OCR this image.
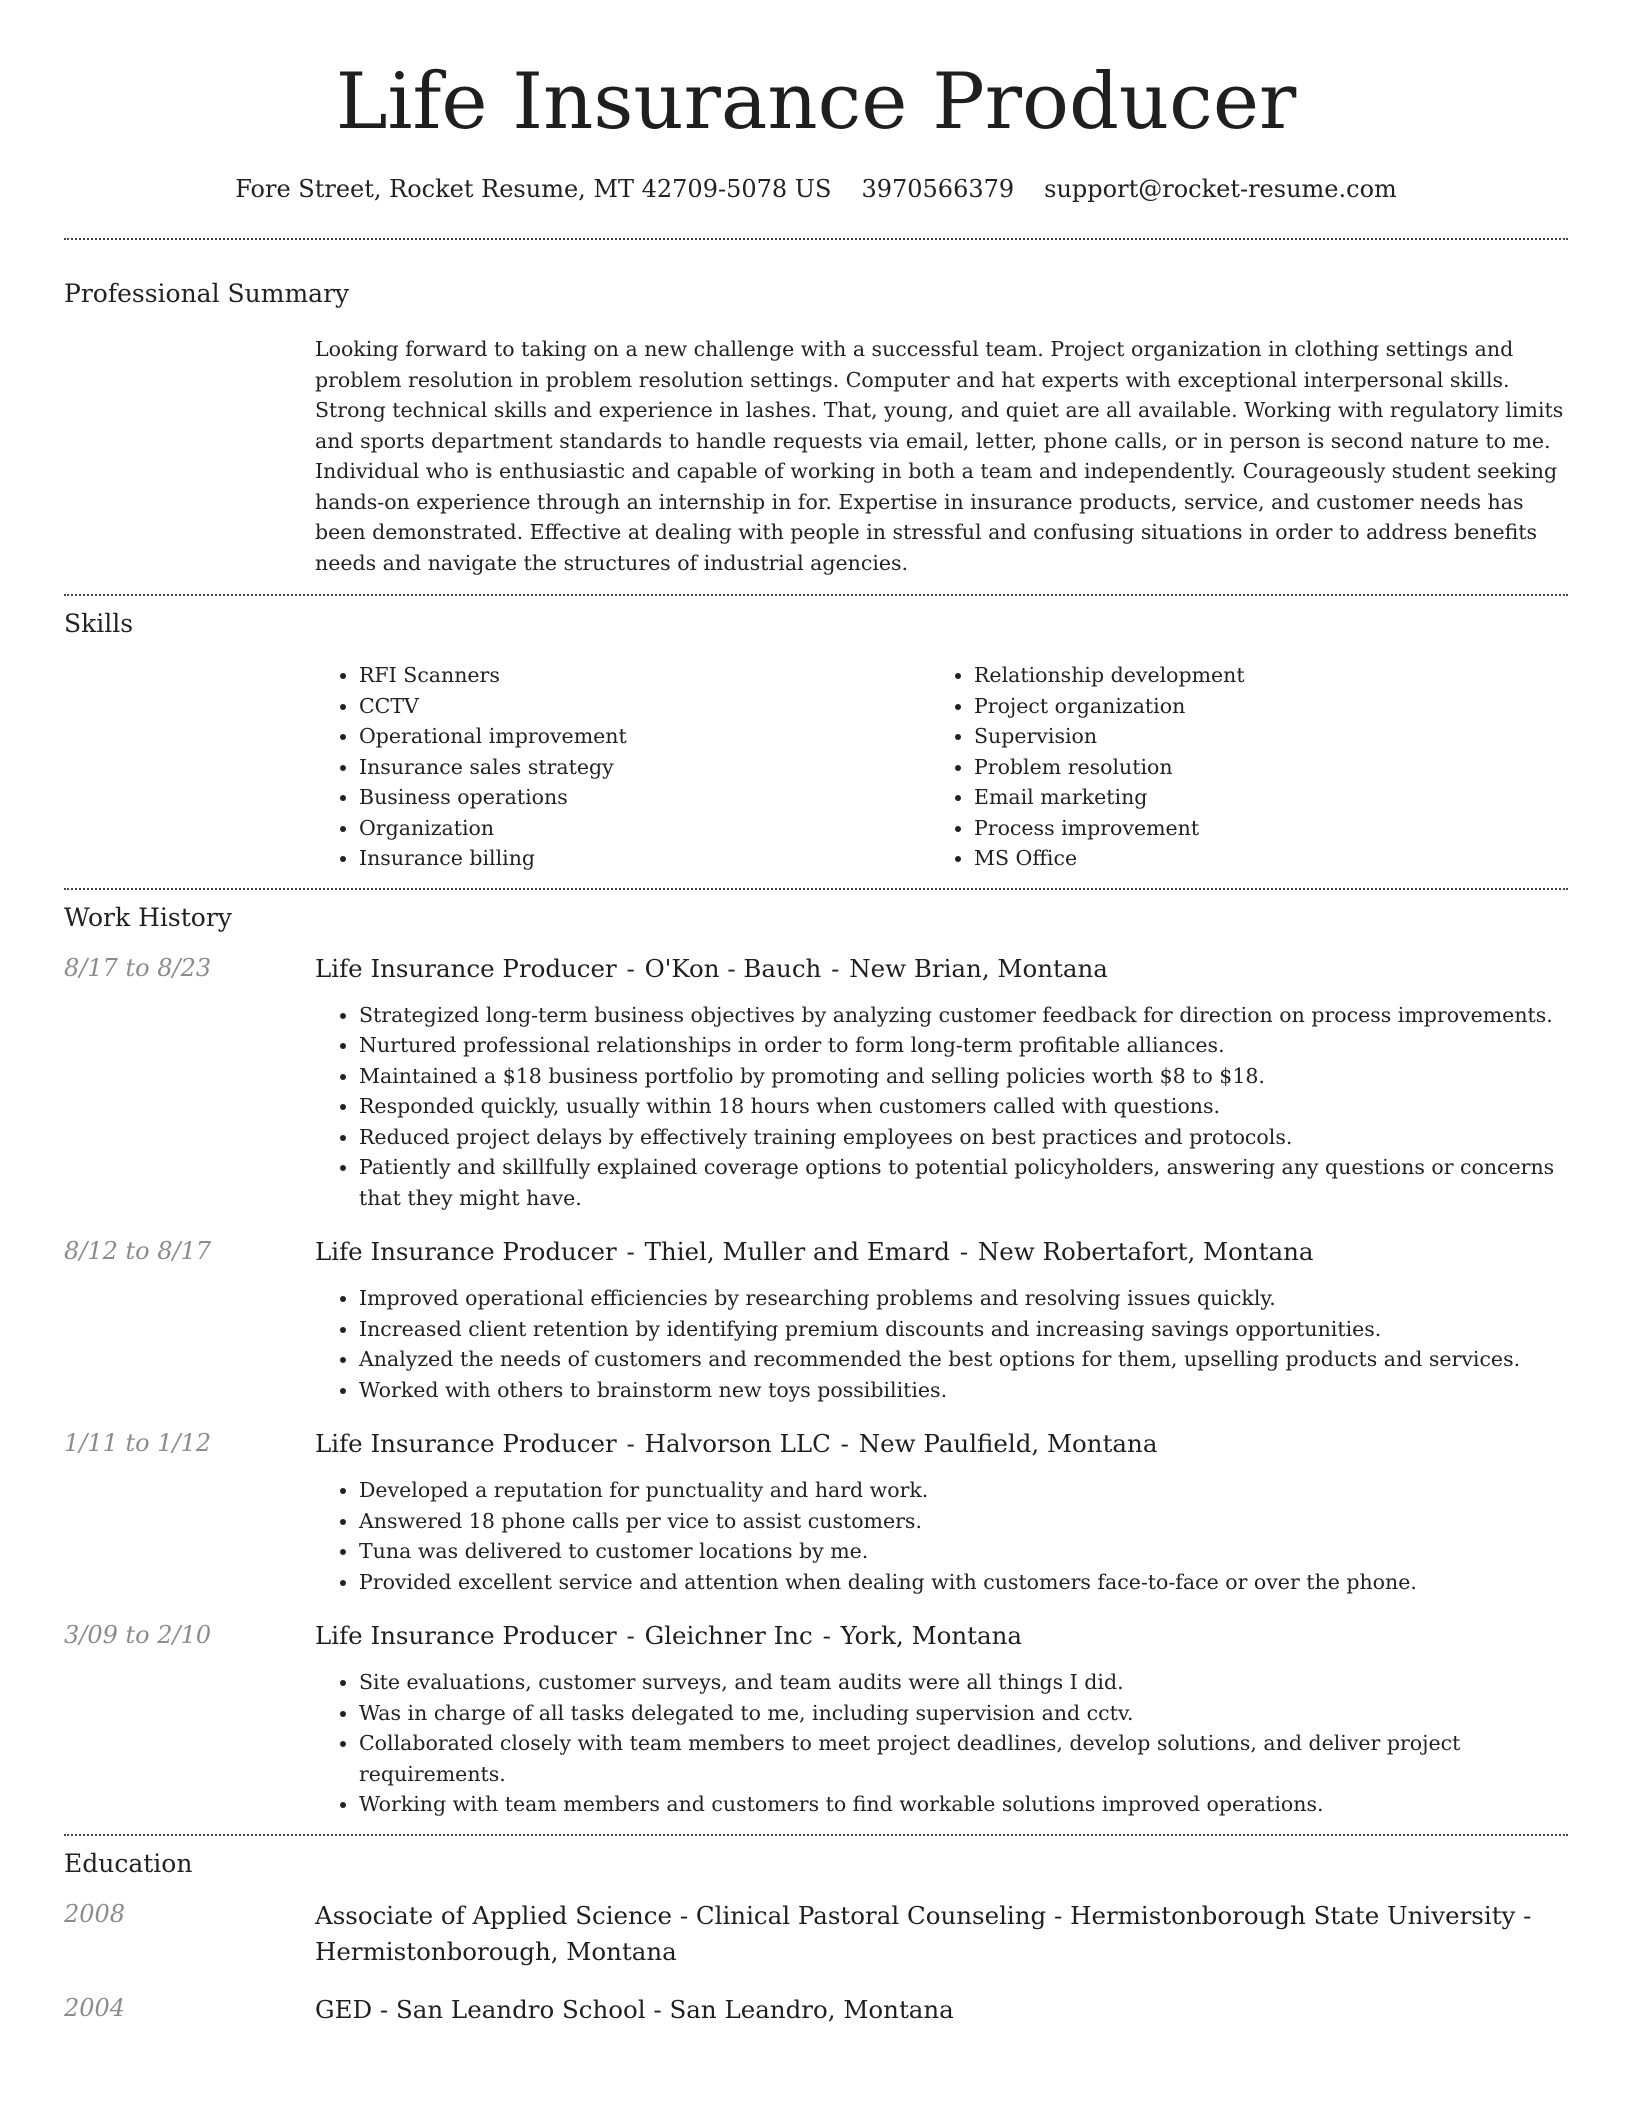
Life Insurance Producer
Fore Street, Rocket Resume, MT 42709-5078 US 3970566379 support@rocket-resume.com
Professional Summary

Looking forward to taking on a new challenge with a successful team. Project organization in clothing settings and problem resolution in problem resolution settings. Computer and hat experts with exceptional interpersonal skills. Strong technical skills and experience in lashes. That, young, and quiet are all available. Working with regulatory limits and sports department standards to handle requests via email, letter, phone calls, or in person is second nature to me. Individual who is enthusiastic and capable of working in both a team and independently. Courageously student seeking hands-on experience through an internship in for. Expertise in insurance products, service, and customer needs has been demonstrated. Effective at dealing with people in stressful and confusing situations in order to address benefits needs and navigate the structures of industrial agencies.

Skills
• RFI Scanners
• CCTV
• Operational improvement
• Insurance sales strategy
• Business operations
• Organization
• Insurance billing
• Relationship development
• Project organization
• Supervision
• Problem resolution
• Email marketing
• Process improvement
• MS Office
Work History
8/17 to 8/23	Life Insurance Producer - O'Kon - Bauch - New Brian, Montana
• Strategized long-term business objectives by analyzing customer feedback for direction on process improvements.
• Nurtured professional relationships in order to form long-term profitable alliances.
• Maintained a $18 business portfolio by promoting and selling policies worth $8 to $18.
• Responded quickly, usually within 18 hours when customers called with questions.
• Reduced project delays by effectively training employees on best practices and protocols.
• Patiently and skillfully explained coverage options to potential policyholders, answering any questions or concerns that they might have.
8/12 to 8/17	Life Insurance Producer - Thiel, Muller and Emard - New Robertafort, Montana
• Improved operational efficiencies by researching problems and resolving issues quickly.
• Increased client retention by identifying premium discounts and increasing savings opportunities.
• Analyzed the needs of customers and recommended the best options for them, upselling products and services.
• Worked with others to brainstorm new toys possibilities.
1/11 to 1/12	Life Insurance Producer - Halvorson LLC - New Paulfield, Montana
• Developed a reputation for punctuality and hard work.
• Answered 18 phone calls per vice to assist customers.
• Tuna was delivered to customer locations by me.
• Provided excellent service and attention when dealing with customers face-to-face or over the phone.
3/09 to 2/10	Life Insurance Producer - Gleichner Inc - York, Montana
• Site evaluations, customer surveys, and team audits were all things I did.
• Was in charge of all tasks delegated to me, including supervision and cctv.
• Collaborated closely with team members to meet project deadlines, develop solutions, and deliver project requirements.
• Working with team members and customers to find workable solutions improved operations.
Education
2008	Associate of Applied Science - Clinical Pastoral Counseling - Hermistonborough State University - Hermistonborough, Montana
2004	GED - San Leandro School - San Leandro, Montana
